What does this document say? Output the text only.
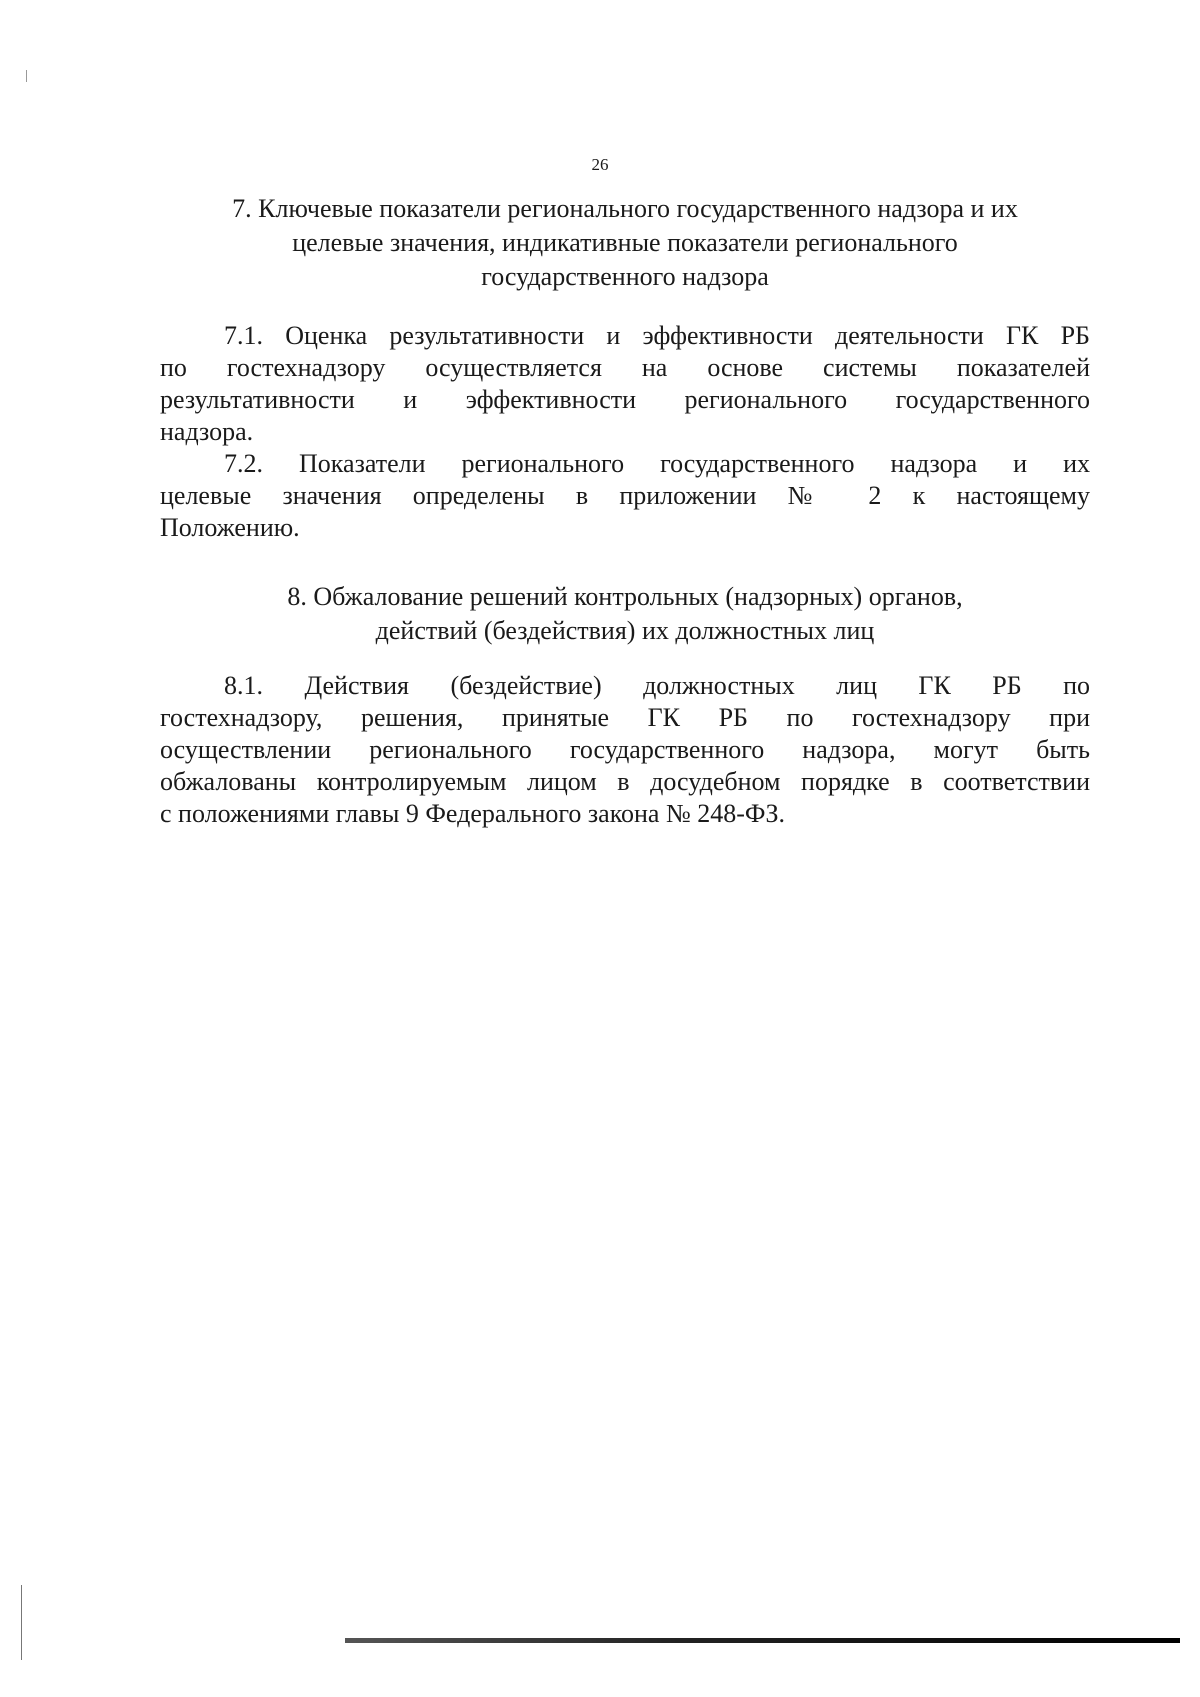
26
7. Ключевые показатели регионального государственного надзора и их
целевые значения, индикативные показатели регионального
государственного надзора
7.1. Оценка результативности и эффективности деятельности ГК РБ
по гостехнадзору осуществляется на основе системы показателей
результативности и эффективности регионального государственного
надзора.
7.2. Показатели регионального государственного надзора и их
целевые значения определены в приложении № 2 к настоящему
Положению.
8. Обжалование решений контрольных (надзорных) органов,
действий (бездействия) их должностных лиц
8.1. Действия (бездействие) должностных лиц ГК РБ по
гостехнадзору, решения, принятые ГК РБ по гостехнадзору при
осуществлении регионального государственного надзора, могут быть
обжалованы контролируемым лицом в досудебном порядке в соответствии
с положениями главы 9 Федерального закона № 248-ФЗ.
